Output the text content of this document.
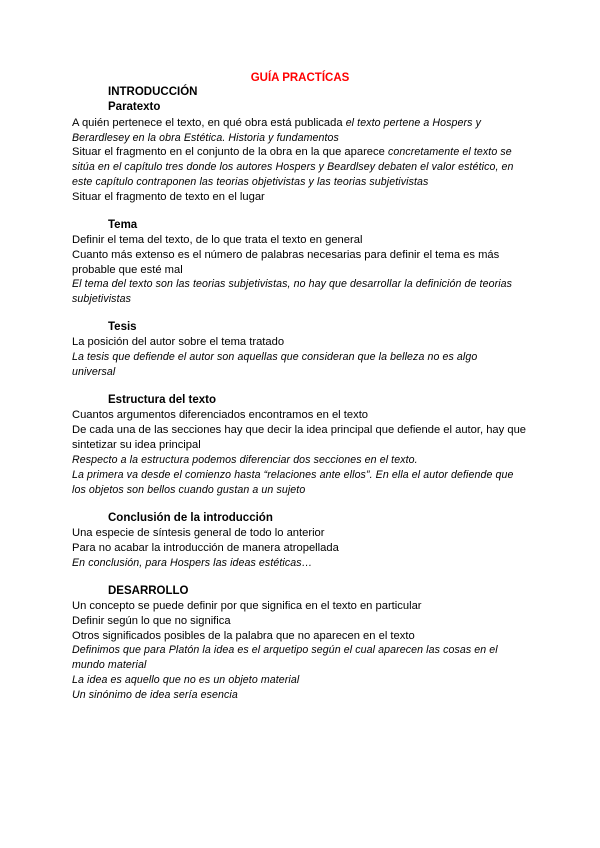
GUÍA PRACTÍCAS
INTRODUCCIÓN
Paratexto
A quién pertenece el texto, en qué obra está publicada el texto pertene a Hospers y
Berardlesey en la obra Estética. Historia y fundamentos
Situar el fragmento en el conjunto de la obra en la que aparece concretamente el texto se
sitúa en el capítulo tres donde los autores Hospers y Beardlsey debaten el valor estético, en
este capítulo contraponen las teorias objetivistas y las teorias subjetivistas
Situar el fragmento de texto en el lugar
Tema
Definir el tema del texto, de lo que trata el texto en general
Cuanto más extenso es el número de palabras necesarias para definir el tema es más
probable que esté mal
El tema del texto son las teorias subjetivistas, no hay que desarrollar la definición de teorias
subjetivistas
Tesis
La posición del autor sobre el tema tratado
La tesis que defiende el autor son aquellas que consideran que la belleza no es algo
universal
Estructura del texto
Cuantos argumentos diferenciados encontramos en el texto
De cada una de las secciones hay que decir la idea principal que defiende el autor, hay que
sintetizar su idea principal
Respecto a la estructura podemos diferenciar dos secciones en el texto.
La primera va desde el comienzo hasta “relaciones ante ellos”. En ella el autor defiende que
los objetos son bellos cuando gustan a un sujeto
Conclusión de la introducción
Una especie de síntesis general de todo lo anterior
Para no acabar la introducción de manera atropellada
En conclusión, para Hospers las ideas estéticas…
DESARROLLO
Un concepto se puede definir por que significa en el texto en particular
Definir según lo que no significa
Otros significados posibles de la palabra que no aparecen en el texto
Definimos que para Platón la idea es el arquetipo según el cual aparecen las cosas en el
mundo material
La idea es aquello que no es un objeto material
Un sinónimo de idea sería esencia
